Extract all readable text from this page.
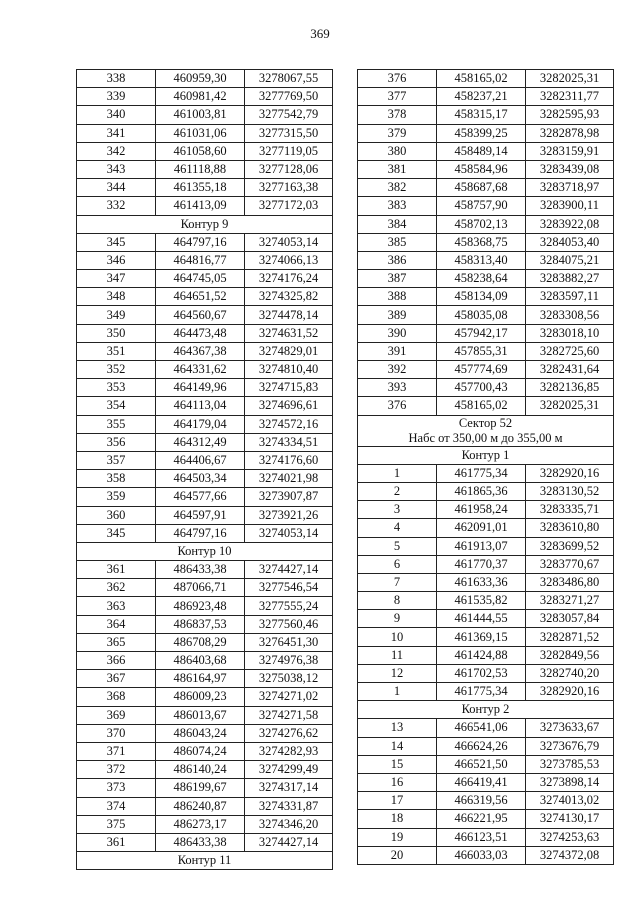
369
338	460959,30	3278067,55
339	460981,42	3277769,50
340	461003,81	3277542,79
341	461031,06	3277315,50
342	461058,60	3277119,05
343	461118,88	3277128,06
344	461355,18	3277163,38
332	461413,09	3277172,03
Контур 9		
345	464797,16	3274053,14
346	464816,77	3274066,13
347	464745,05	3274176,24
348	464651,52	3274325,82
349	464560,67	3274478,14
350	464473,48	3274631,52
351	464367,38	3274829,01
352	464331,62	3274810,40
353	464149,96	3274715,83
354	464113,04	3274696,61
355	464179,04	3274572,16
356	464312,49	3274334,51
357	464406,67	3274176,60
358	464503,34	3274021,98
359	464577,66	3273907,87
360	464597,91	3273921,26
345	464797,16	3274053,14
Контур 10		
361	486433,38	3274427,14
362	487066,71	3277546,54
363	486923,48	3277555,24
364	486837,53	3277560,46
365	486708,29	3276451,30
366	486403,68	3274976,38
367	486164,97	3275038,12
368	486009,23	3274271,02
369	486013,67	3274271,58
370	486043,24	3274276,62
371	486074,24	3274282,93
372	486140,24	3274299,49
373	486199,67	3274317,14
374	486240,87	3274331,87
375	486273,17	3274346,20
361	486433,38	3274427,14
Контур 11		
376	458165,02	3282025,31
377	458237,21	3282311,77
378	458315,17	3282595,93
379	458399,25	3282878,98
380	458489,14	3283159,91
381	458584,96	3283439,08
382	458687,68	3283718,97
383	458757,90	3283900,11
384	458702,13	3283922,08
385	458368,75	3284053,40
386	458313,40	3284075,21
387	458238,64	3283882,27
388	458134,09	3283597,11
389	458035,08	3283308,56
390	457942,17	3283018,10
391	457855,31	3282725,60
392	457774,69	3282431,64
393	457700,43	3282136,85
376	458165,02	3282025,31

Сектор 52
Набс от 350,00 м до 355,00 м		

Контур 1		
1	461775,34	3282920,16
2	461865,36	3283130,52
3	461958,24	3283335,71
4	462091,01	3283610,80
5	461913,07	3283699,52
6	461770,37	3283770,67
7	461633,36	3283486,80
8	461535,82	3283271,27
9	461444,55	3283057,84
10	461369,15	3282871,52
11	461424,88	3282849,56
12	461702,53	3282740,20
1	461775,34	3282920,16
Контур 2		
13	466541,06	3273633,67
14	466624,26	3273676,79
15	466521,50	3273785,53
16	466419,41	3273898,14
17	466319,56	3274013,02
18	466221,95	3274130,17
19	466123,51	3274253,63
20	466033,03	3274372,08
